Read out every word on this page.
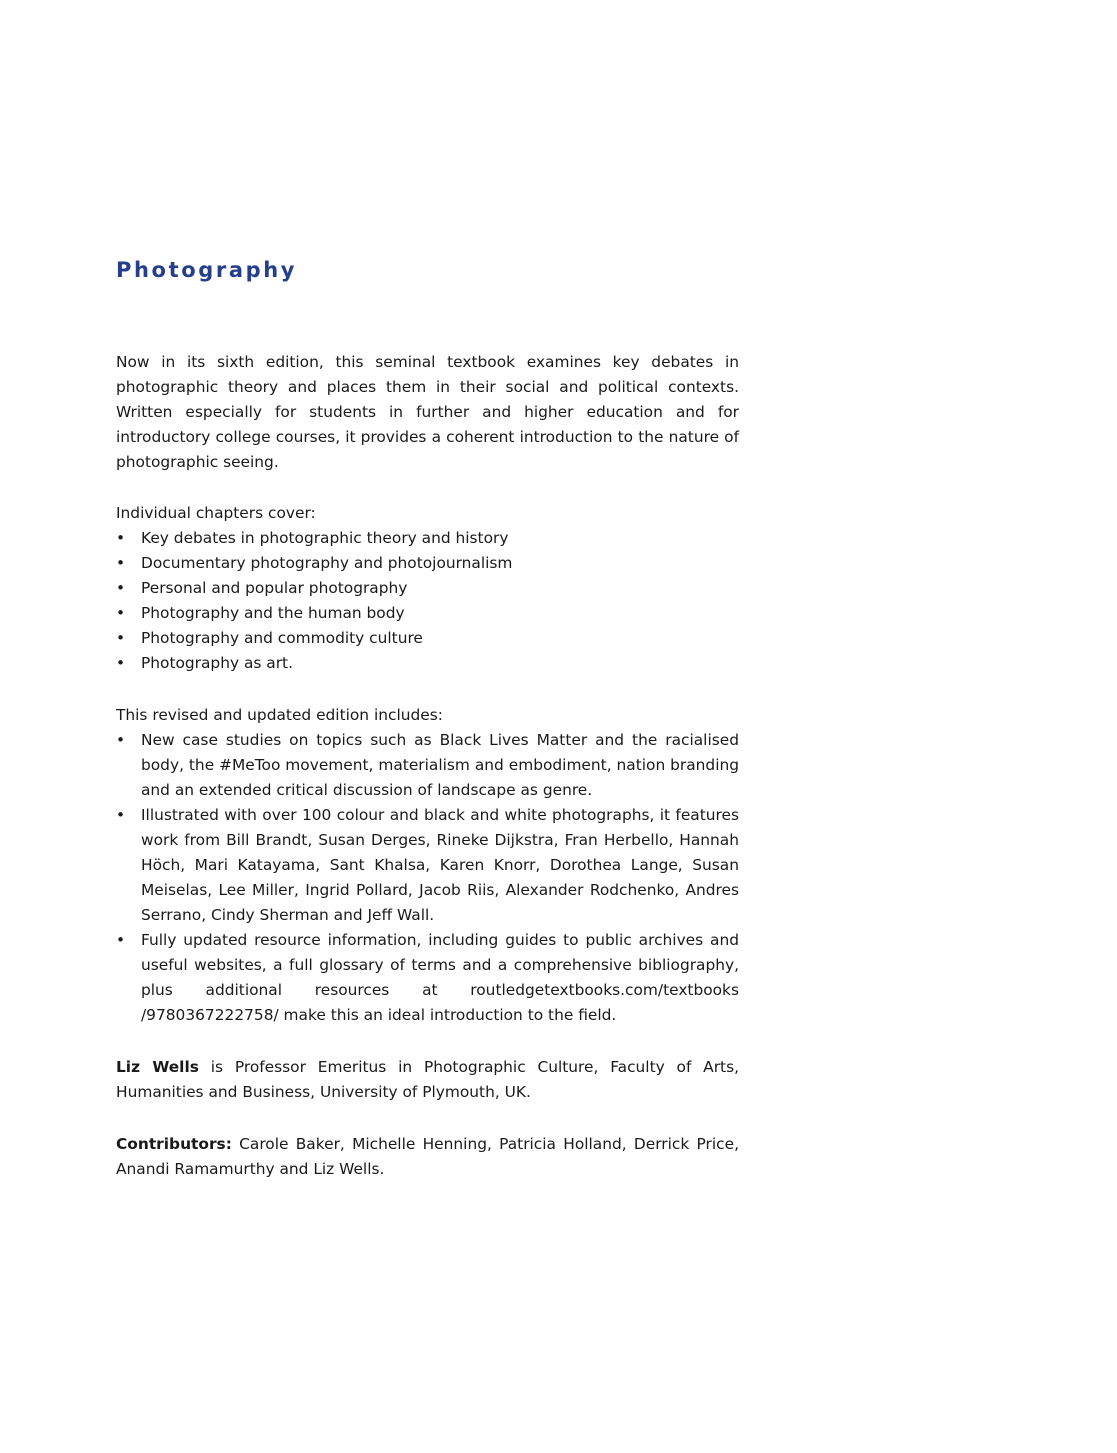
Photography

Now in its sixth edition, this seminal textbook examines key debates in photographic theory and places them in their social and political contexts. Written especially for students in further and higher education and for introductory college courses, it provides a coherent introduction to the nature of photographic seeing.

Individual chapters cover:

• Key debates in photographic theory and history
• Documentary photography and photojournalism
• Personal and popular photography
• Photography and the human body
• Photography and commodity culture
• Photography as art.

This revised and updated edition includes:

• New case studies on topics such as Black Lives Matter and the racialised body, the #MeToo movement, materialism and embodiment, nation branding and an extended critical discussion of landscape as genre.
• Illustrated with over 100 colour and black and white photographs, it features work from Bill Brandt, Susan Derges, Rineke Dijkstra, Fran Herbello, Hannah Höch, Mari Katayama, Sant Khalsa, Karen Knorr, Dorothea Lange, Susan Meiselas, Lee Miller, Ingrid Pollard, Jacob Riis, Alexander Rodchenko, Andres Serrano, Cindy Sherman and Jeff Wall.
• Fully updated resource information, including guides to public archives and useful websites, a full glossary of terms and a comprehensive bibliography, plus additional resources at routledgetextbooks.com/textbooks /9780367222758/ make this an ideal introduction to the field.

Liz Wells is Professor Emeritus in Photographic Culture, Faculty of Arts, Humanities and Business, University of Plymouth, UK.

Contributors: Carole Baker, Michelle Henning, Patricia Holland, Derrick Price, Anandi Ramamurthy and Liz Wells.
